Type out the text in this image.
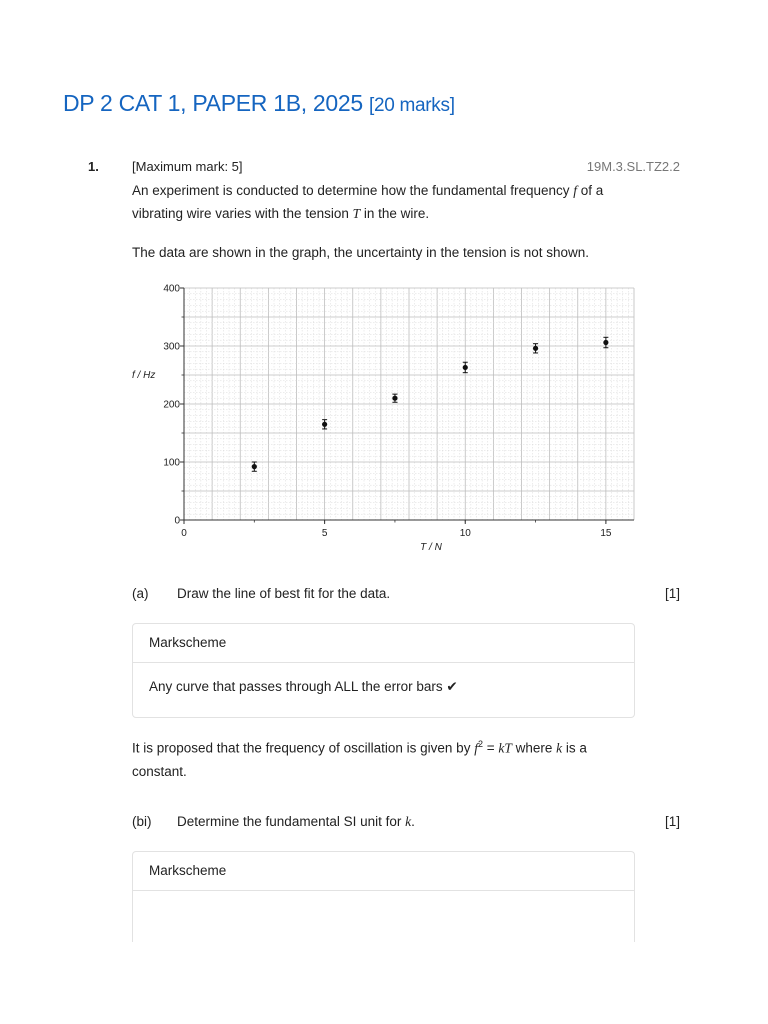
DP 2 CAT 1, PAPER 1B, 2025 [20 marks]
1.	[Maximum mark: 5]	19M.3.SL.TZ2.2

An experiment is conducted to determine how the fundamental frequency f of a
vibrating wire varies with the tension T in the wire.

The data are shown in the graph, the uncertainty in the tension is not shown.

0	5	10	15
0
100
200
300
400
T / N
f / Hz
(a) Draw the line of best fit for the data.	[1]
Markscheme
Any curve that passes through ALL the error bars ✔

It is proposed that the frequency of oscillation is given by $f^2$ = kT where k is a
constant.

(bi) Determine the fundamental SI unit for k.	[1]
Markscheme
